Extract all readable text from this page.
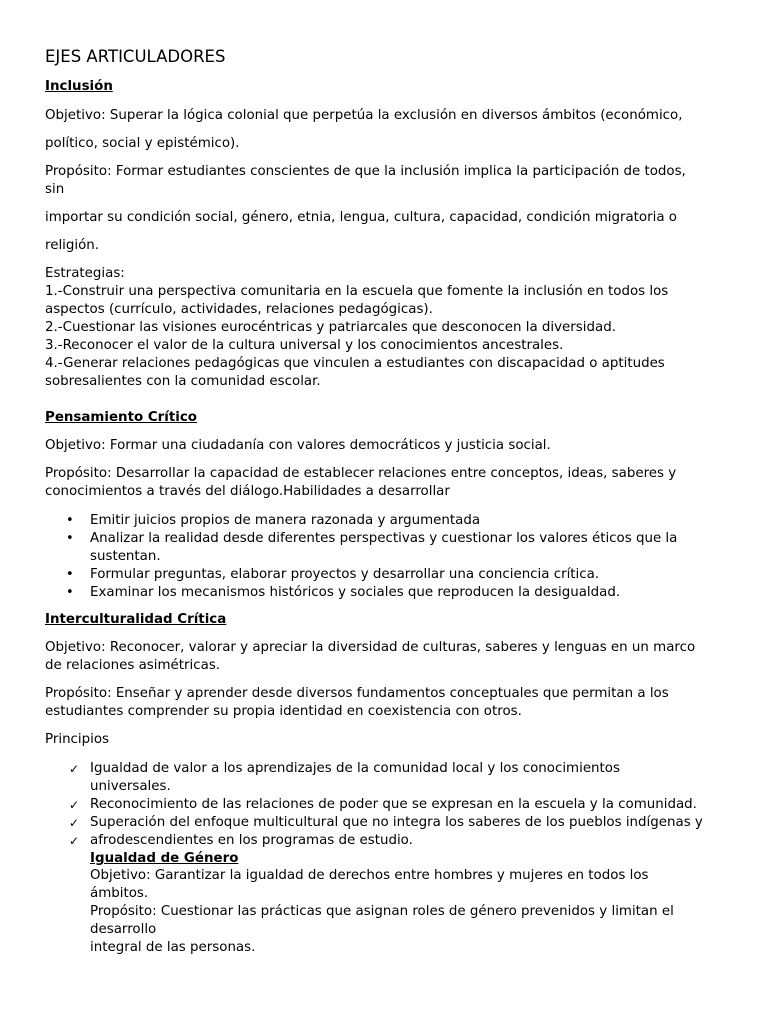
EJES ARTICULADORES
Inclusión
Objetivo: Superar la lógica colonial que perpetúa la exclusión en diversos ámbitos (económico,
político, social y epistémico).
Propósito: Formar estudiantes conscientes de que la inclusión implica la participación de todos,
sin
importar su condición social, género, etnia, lengua, cultura, capacidad, condición migratoria o
religión.
Estrategias:
1.-Construir una perspectiva comunitaria en la escuela que fomente la inclusión en todos los
aspectos (currículo, actividades, relaciones pedagógicas).
2.-Cuestionar las visiones eurocéntricas y patriarcales que desconocen la diversidad.
3.-Reconocer el valor de la cultura universal y los conocimientos ancestrales.
4.-Generar relaciones pedagógicas que vinculen a estudiantes con discapacidad o aptitudes
sobresalientes con la comunidad escolar.
Pensamiento Crítico
Objetivo: Formar una ciudadanía con valores democráticos y justicia social.
Propósito: Desarrollar la capacidad de establecer relaciones entre conceptos, ideas, saberes y
conocimientos a través del diálogo.Habilidades a desarrollar
• Emitir juicios propios de manera razonada y argumentada
• Analizar la realidad desde diferentes perspectivas y cuestionar los valores éticos que la
sustentan.
• Formular preguntas, elaborar proyectos y desarrollar una conciencia crítica.
• Examinar los mecanismos históricos y sociales que reproducen la desigualdad.
Interculturalidad Crítica
Objetivo: Reconocer, valorar y apreciar la diversidad de culturas, saberes y lenguas en un marco
de relaciones asimétricas.
Propósito: Enseñar y aprender desde diversos fundamentos conceptuales que permitan a los
estudiantes comprender su propia identidad en coexistencia con otros.
Principios
✓ Igualdad de valor a los aprendizajes de la comunidad local y los conocimientos
universales.
✓ Reconocimiento de las relaciones de poder que se expresan en la escuela y la comunidad.
✓ Superación del enfoque multicultural que no integra los saberes de los pueblos indígenas y
✓ afrodescendientes en los programas de estudio.
Igualdad de Género
Objetivo: Garantizar la igualdad de derechos entre hombres y mujeres en todos los
ámbitos.
Propósito: Cuestionar las prácticas que asignan roles de género prevenidos y limitan el
desarrollo
integral de las personas.
